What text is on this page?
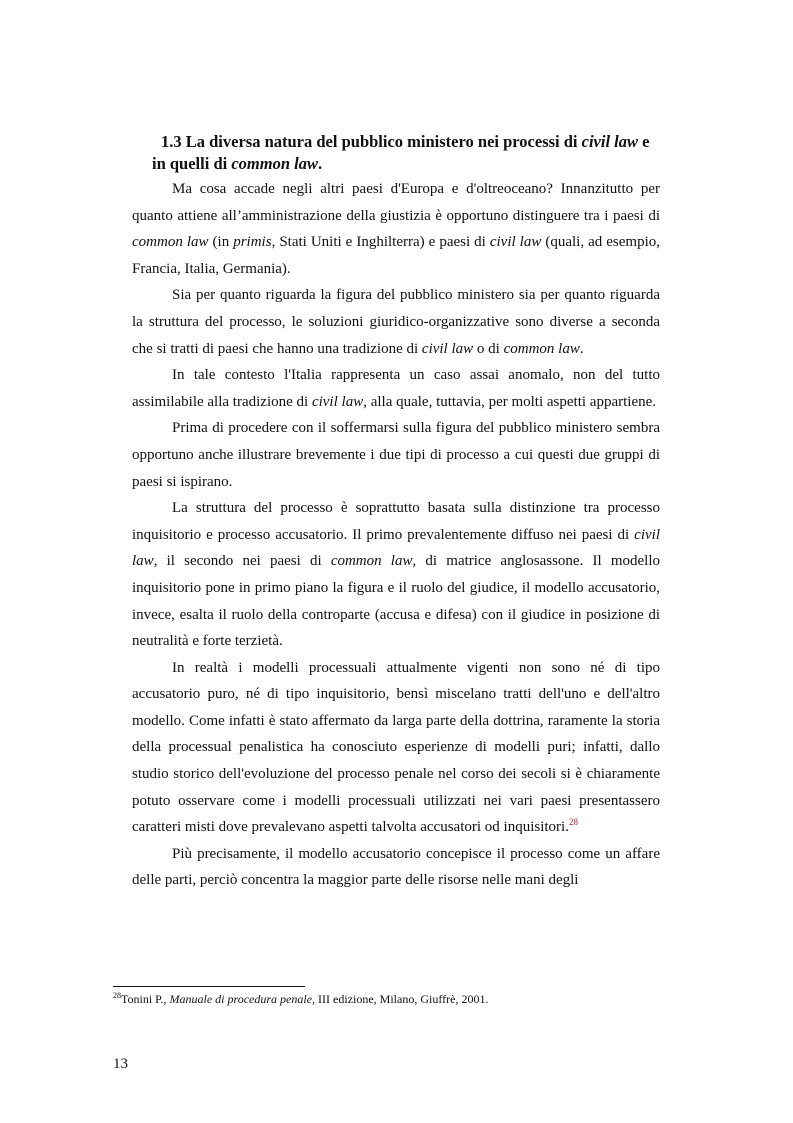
1.3 La diversa natura del pubblico ministero nei processi di civil law e in quelli di common law.

Ma cosa accade negli altri paesi d'Europa e d'oltreoceano? Innanzitutto per quanto attiene all’amministrazione della giustizia è opportuno distinguere tra i paesi di common law (in primis, Stati Uniti e Inghilterra) e paesi di civil law (quali, ad esempio, Francia, Italia, Germania).

Sia per quanto riguarda la figura del pubblico ministero sia per quanto riguarda la struttura del processo, le soluzioni giuridico-organizzative sono diverse a seconda che si tratti di paesi che hanno una tradizione di civil law o di common law.

In tale contesto l'Italia rappresenta un caso assai anomalo, non del tutto assimilabile alla tradizione di civil law, alla quale, tuttavia, per molti aspetti appartiene.

Prima di procedere con il soffermarsi sulla figura del pubblico ministero sembra opportuno anche illustrare brevemente i due tipi di processo a cui questi due gruppi di paesi si ispirano.

La struttura del processo è soprattutto basata sulla distinzione tra processo inquisitorio e processo accusatorio. Il primo prevalentemente diffuso nei paesi di civil law, il secondo nei paesi di common law, di matrice anglosassone. Il modello inquisitorio pone in primo piano la figura e il ruolo del giudice, il modello accusatorio, invece, esalta il ruolo della controparte (accusa e difesa) con il giudice in posizione di neutralità e forte terzietà.

In realtà i modelli processuali attualmente vigenti non sono né di tipo accusatorio puro, né di tipo inquisitorio, bensì miscelano tratti dell'uno e dell'altro modello. Come infatti è stato affermato da larga parte della dottrina, raramente la storia della processual penalistica ha conosciuto esperienze di modelli puri; infatti, dallo studio storico dell'evoluzione del processo penale nel corso dei secoli si è chiaramente potuto osservare come i modelli processuali utilizzati nei vari paesi presentassero caratteri misti dove prevalevano aspetti talvolta accusatori od inquisitori.$^{28}$

Più precisamente, il modello accusatorio concepisce il processo come un affare delle parti, perciò concentra la maggior parte delle risorse nelle mani degli

$^{28}$Tonini P., Manuale di procedura penale, III edizione, Milano, Giuffrè, 2001.
13
